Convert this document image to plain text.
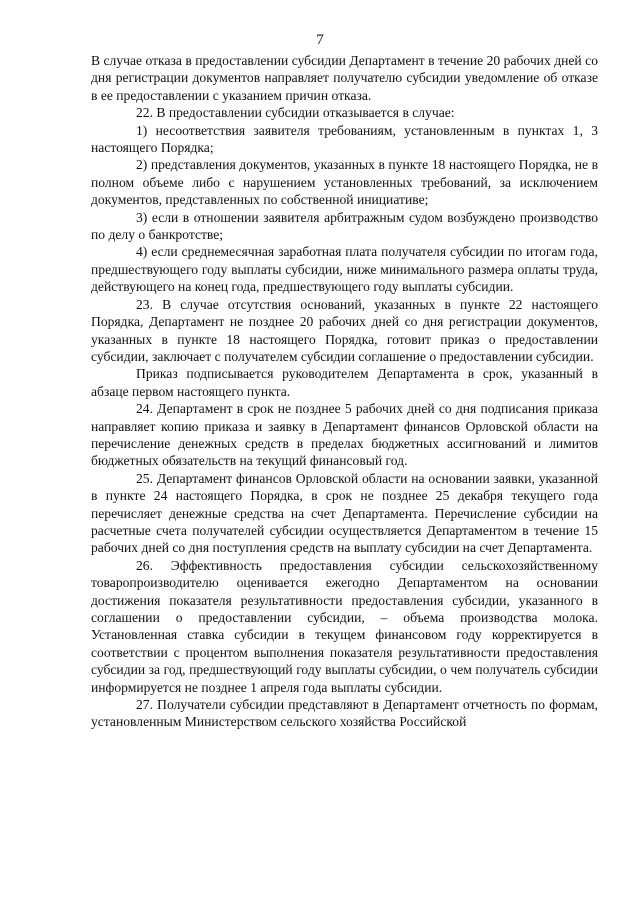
7

В случае отказа в предоставлении субсидии Департамент в течение 20 рабочих дней со дня регистрации документов направляет получателю субсидии уведомление об отказе в ее предоставлении с указанием причин отказа.

22. В предоставлении субсидии отказывается в случае:

1) несоответствия заявителя требованиям, установленным в пунктах 1, 3 настоящего Порядка;

2) представления документов, указанных в пункте 18 настоящего Порядка, не в полном объеме либо с нарушением установленных требований, за исключением документов, представленных по собственной инициативе;

3) если в отношении заявителя арбитражным судом возбуждено производство по делу о банкротстве;

4) если среднемесячная заработная плата получателя субсидии по итогам года, предшествующего году выплаты субсидии, ниже минимального размера оплаты труда, действующего на конец года, предшествующего году выплаты субсидии.

23. В случае отсутствия оснований, указанных в пункте 22 настоящего Порядка, Департамент не позднее 20 рабочих дней со дня регистрации документов, указанных в пункте 18 настоящего Порядка, готовит приказ о предоставлении субсидии, заключает с получателем субсидии соглашение о предоставлении субсидии.

Приказ подписывается руководителем Департамента в срок, указанный в абзаце первом настоящего пункта.

24. Департамент в срок не позднее 5 рабочих дней со дня подписания приказа направляет копию приказа и заявку в Департамент финансов Орловской области на перечисление денежных средств в пределах бюджетных ассигнований и лимитов бюджетных обязательств на текущий финансовый год.

25. Департамент финансов Орловской области на основании заявки, указанной в пункте 24 настоящего Порядка, в срок не позднее 25 декабря текущего года перечисляет денежные средства на счет Департамента. Перечисление субсидии на расчетные счета получателей субсидии осуществляется Департаментом в течение 15 рабочих дней со дня поступления средств на выплату субсидии на счет Департамента.

26. Эффективность предоставления субсидии сельскохозяйственному товаропроизводителю оценивается ежегодно Департаментом на основании достижения показателя результативности предоставления субсидии, указанного в соглашении о предоставлении субсидии, – объема производства молока. Установленная ставка субсидии в текущем финансовом году корректируется в соответствии с процентом выполнения показателя результативности предоставления субсидии за год, предшествующий году выплаты субсидии, о чем получатель субсидии информируется не позднее 1 апреля года выплаты субсидии.

27. Получатели субсидии представляют в Департамент отчетность по формам, установленным Министерством сельского хозяйства Российской
